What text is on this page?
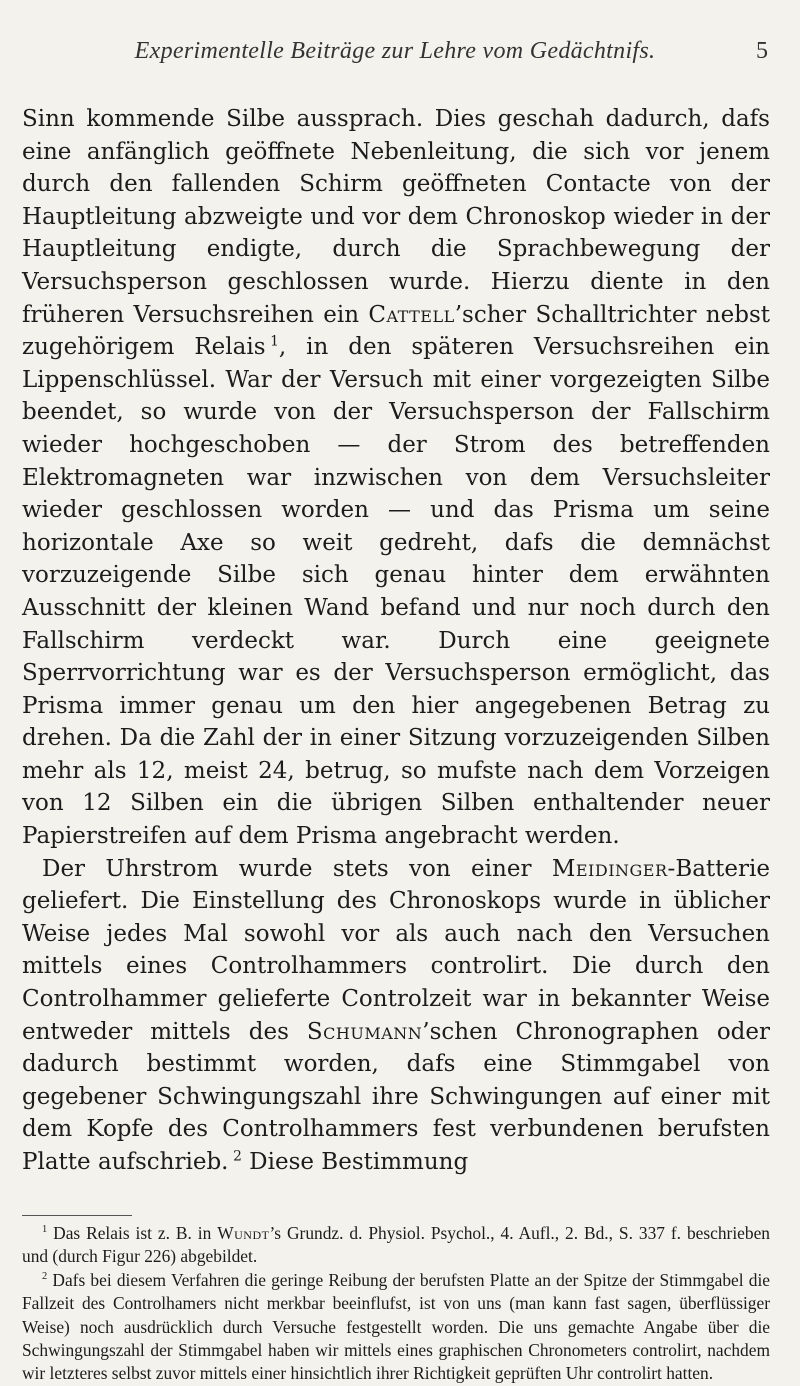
Experimentelle Beiträge zur Lehre vom Gedächtnifs.	5

Sinn kommende Silbe aussprach. Dies geschah dadurch, dafs eine anfänglich geöffnete Nebenleitung, die sich vor jenem durch den fallenden Schirm geöffneten Contacte von der Hauptleitung abzweigte und vor dem Chronoskop wieder in der Hauptleitung endigte, durch die Sprachbewegung der Versuchsperson geschlossen wurde. Hierzu diente in den früheren Versuchsreihen ein Cattell’scher Schalltrichter nebst zugehörigem Relais  $^1$, in den späteren Versuchsreihen ein Lippenschlüssel. War der Versuch mit einer vorgezeigten Silbe beendet, so wurde von der Versuchsperson der Fallschirm wieder hochgeschoben — der Strom des betreffenden Elektromagneten war inzwischen von dem Versuchsleiter wieder geschlossen worden — und das Prisma um seine horizontale Axe so weit gedreht, dafs die demnächst vorzuzeigende Silbe sich genau hinter dem erwähnten Ausschnitt der kleinen Wand befand und nur noch durch den Fallschirm verdeckt war. Durch eine geeignete Sperrvorrichtung war es der Versuchsperson ermöglicht, das Prisma immer genau um den hier angegebenen Betrag zu drehen. Da die Zahl der in einer Sitzung vorzuzeigenden Silben mehr als 12, meist 24, betrug, so mufste nach dem Vorzeigen von 12 Silben ein die übrigen Silben enthaltender neuer Papierstreifen auf dem Prisma angebracht werden.

Der Uhrstrom wurde stets von einer Meidinger-Batterie geliefert. Die Einstellung des Chronoskops wurde in üblicher Weise jedes Mal sowohl vor als auch nach den Versuchen mittels eines Controlhammers controlirt. Die durch den Controlhammer gelieferte Controlzeit war in bekannter Weise entweder mittels des Schumann’schen Chronographen oder dadurch bestimmt worden, dafs eine Stimmgabel von gegebener Schwingungszahl ihre Schwingungen auf einer mit dem Kopfe des Controlhammers fest verbundenen berufsten Platte aufschrieb.  $^2$ Diese Bestimmung

$^1$ Das Relais ist z. B. in Wundt’s Grundz. d. Physiol. Psychol., 4. Aufl., 2. Bd., S. 337 f. beschrieben und (durch Figur 226) abgebildet.

$^2$ Dafs bei diesem Verfahren die geringe Reibung der berufsten Platte an der Spitze der Stimmgabel die Fallzeit des Controlhamers nicht merkbar beeinflufst, ist von uns (man kann fast sagen, überflüssiger Weise) noch ausdrücklich durch Versuche festgestellt worden. Die uns gemachte Angabe über die Schwingungszahl der Stimmgabel haben wir mittels eines graphischen Chronometers controlirt, nachdem wir letzteres selbst zuvor mittels einer hinsichtlich ihrer Richtigkeit geprüften Uhr controlirt hatten.
